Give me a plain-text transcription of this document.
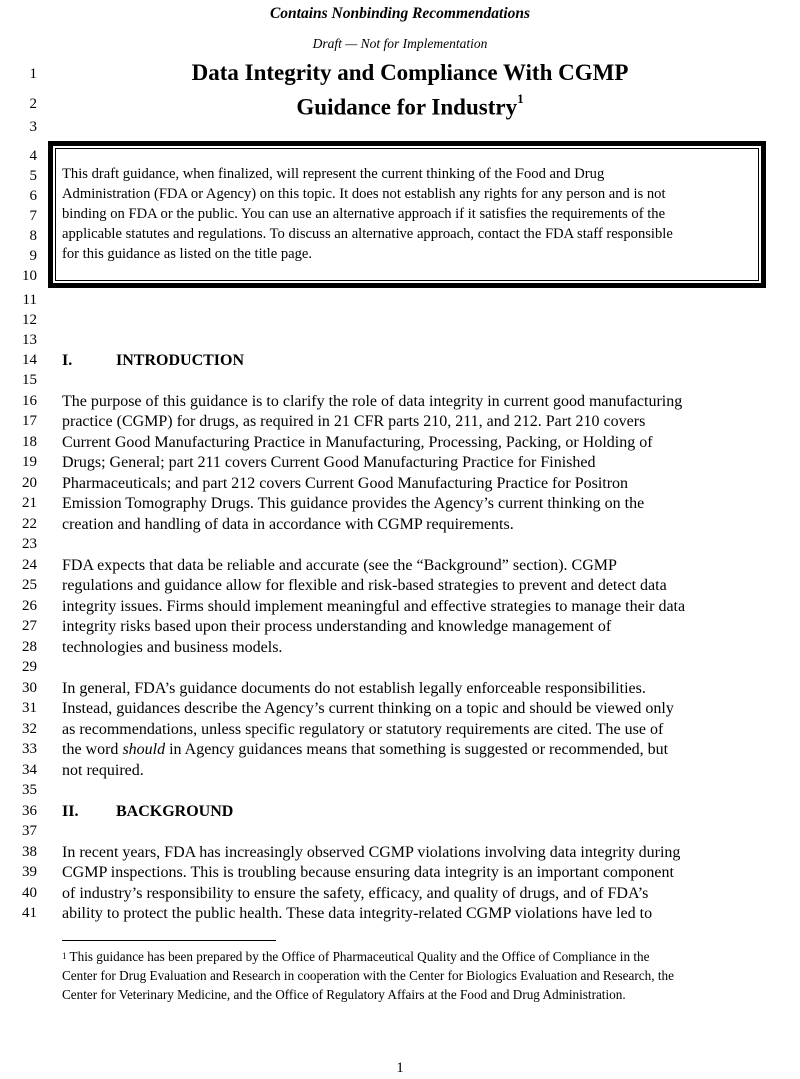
Contains Nonbinding Recommendations
Draft — Not for Implementation
Data Integrity and Compliance With CGMP
Guidance for Industry$^1$
1
2
3
4
5
6
7
8
9
10
11
12
13
14
15
16
17
18
19
20
21
22
23
24
25
26
27
28
29
30
31
32
33
34
35
36
37
38
39
40
41
This draft guidance, when finalized, will represent the current thinking of the Food and Drug
Administration (FDA or Agency) on this topic. It does not establish any rights for any person and is not
binding on FDA or the public. You can use an alternative approach if it satisfies the requirements of the
applicable statutes and regulations. To discuss an alternative approach, contact the FDA staff responsible
for this guidance as listed on the title page.
I.	INTRODUCTION
The purpose of this guidance is to clarify the role of data integrity in current good manufacturing
practice (CGMP) for drugs, as required in 21 CFR parts 210, 211, and 212. Part 210 covers
Current Good Manufacturing Practice in Manufacturing, Processing, Packing, or Holding of
Drugs; General; part 211 covers Current Good Manufacturing Practice for Finished
Pharmaceuticals; and part 212 covers Current Good Manufacturing Practice for Positron
Emission Tomography Drugs. This guidance provides the Agency’s current thinking on the
creation and handling of data in accordance with CGMP requirements.
FDA expects that data be reliable and accurate (see the “Background” section). CGMP
regulations and guidance allow for flexible and risk-based strategies to prevent and detect data
integrity issues. Firms should implement meaningful and effective strategies to manage their data
integrity risks based upon their process understanding and knowledge management of
technologies and business models.
In general, FDA’s guidance documents do not establish legally enforceable responsibilities.
Instead, guidances describe the Agency’s current thinking on a topic and should be viewed only
as recommendations, unless specific regulatory or statutory requirements are cited. The use of
the word should in Agency guidances means that something is suggested or recommended, but
not required.
II. BACKGROUND
In recent years, FDA has increasingly observed CGMP violations involving data integrity during
CGMP inspections. This is troubling because ensuring data integrity is an important component
of industry’s responsibility to ensure the safety, efficacy, and quality of drugs, and of FDA’s
ability to protect the public health. These data integrity-related CGMP violations have led to
$^1$ This guidance has been prepared by the Office of Pharmaceutical Quality and the Office of Compliance in the
Center for Drug Evaluation and Research in cooperation with the Center for Biologics Evaluation and Research, the
Center for Veterinary Medicine, and the Office of Regulatory Affairs at the Food and Drug Administration.
1
